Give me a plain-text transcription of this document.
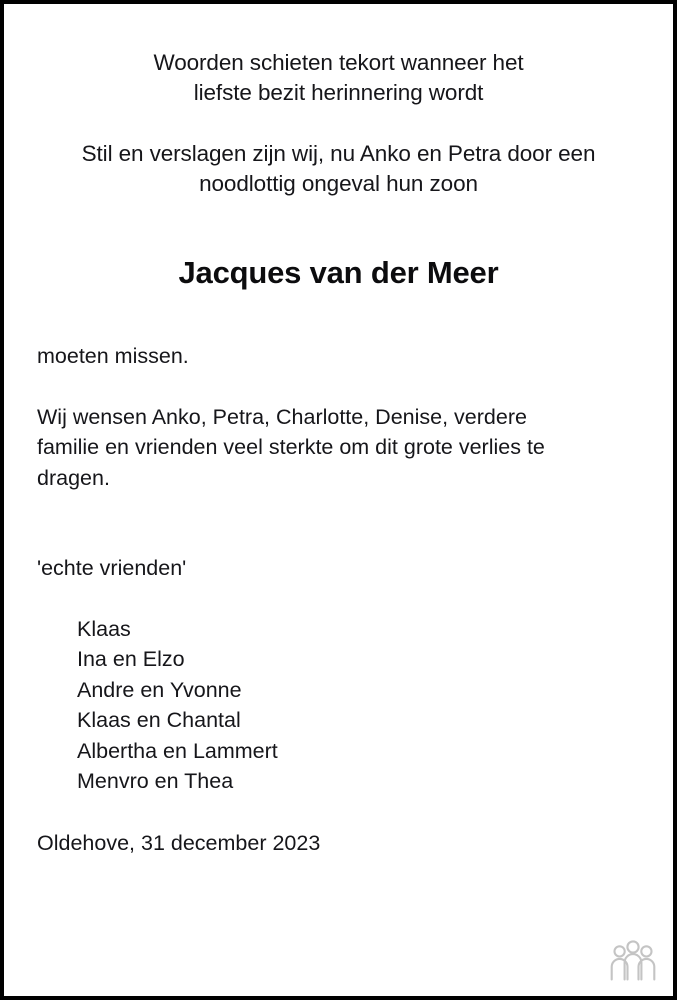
Woorden schieten tekort wanneer het
liefste bezit herinnering wordt
Stil en verslagen zijn wij, nu Anko en Petra door een
noodlottig ongeval hun zoon
Jacques van der Meer

moeten missen.

Wij wensen Anko, Petra, Charlotte, Denise, verdere
familie en vrienden veel sterkte om dit grote verlies te
dragen.

'echte vrienden'

Klaas
Ina en Elzo
Andre en Yvonne
Klaas en Chantal
Albertha en Lammert
Menvro en Thea

Oldehove, 31 december 2023
